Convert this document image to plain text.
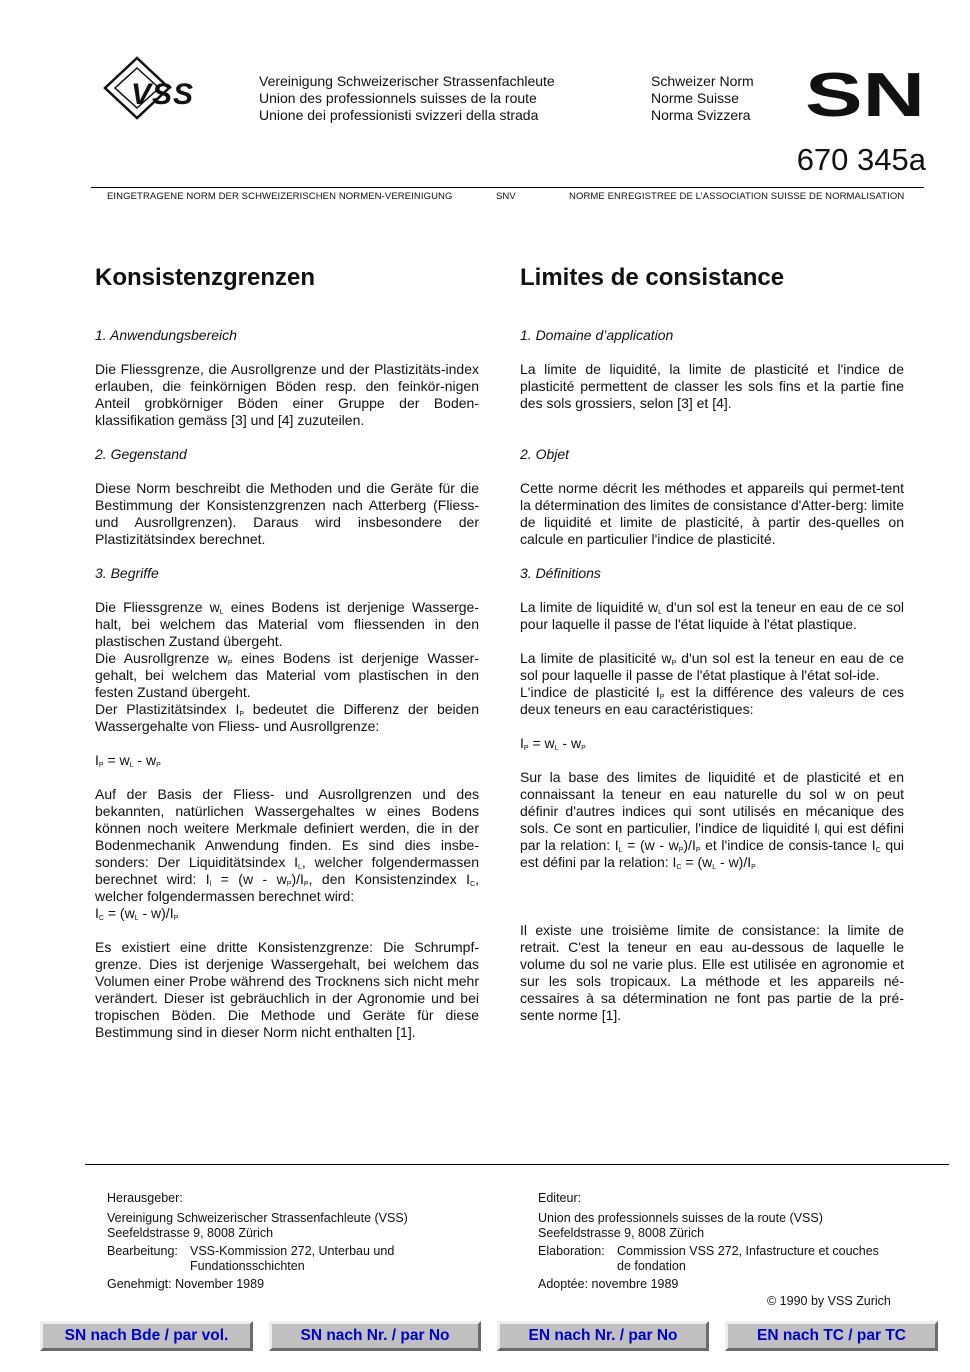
VSS	Vereinigung Schweizerischer Strassenfachleute
Union des professionnels suisses de la route
Unione dei professionisti svizzeri della strada
Schweizer Norm
Norme Suisse
Norma Svizzera SN
670 345a
EINGETRAGENE NORM DER SCHWEIZERISCHEN NORMEN-VEREINIGUNG	SNV	NORME ENREGISTREE DE L’ASSOCIATION SUISSE DE NORMALISATION
Konsistenzgrenzen	Limites de consistance

1. Anwendungsbereich

Die Fliessgrenze, die Ausrollgrenze und der Plastizitäts-index erlauben, die feinkörnigen Böden resp. den feinkör-nigen Anteil grobkörniger Böden einer Gruppe der Boden-klassifikation gemäss [3] und [4] zuzuteilen.

2. Gegenstand

Diese Norm beschreibt die Methoden und die Geräte für die Bestimmung der Konsistenzgrenzen nach Atterberg (Fliess- und Ausrollgrenzen). Daraus wird insbesondere der Plastizitätsindex berechnet.

3. Begriffe

Die Fliessgrenze $w_L$ eines Bodens ist derjenige Wasserge-halt, bei welchem das Material vom fliessenden in den plastischen Zustand übergeht.

Die Ausrollgrenze $w_P$ eines Bodens ist derjenige Wasser-gehalt, bei welchem das Material vom plastischen in den festen Zustand übergeht.

Der Plastizitätsindex $I_P$ bedeutet die Differenz der beiden Wassergehalte von Fliess- und Ausrollgrenze:

$I_P = w_L - w_P$

Auf der Basis der Fliess- und Ausrollgrenzen und des bekannten, natürlichen Wassergehaltes w eines Bodens können noch weitere Merkmale definiert werden, die in der Bodenmechanik Anwendung finden. Es sind dies insbe-sonders: Der Liquiditätsindex $I_L$, welcher folgendermassen berechnet wird: $I_l = (w - w_P)/I_P$, den Konsistenzindex $I_C$, welcher folgendermassen berechnet wird:

$I_C = (w_L - w)/I_P$

Es existiert eine dritte Konsistenzgrenze: Die Schrumpf-grenze. Dies ist derjenige Wassergehalt, bei welchem das Volumen einer Probe während des Trocknens sich nicht mehr verändert. Dieser ist gebräuchlich in der Agronomie und bei tropischen Böden. Die Methode und Geräte für diese Bestimmung sind in dieser Norm nicht enthalten [1].

1. Domaine d’application

La limite de liquidité, la limite de plasticité et l'indice de plasticité permettent de classer les sols fins et la partie fine des sols grossiers, selon [3] et [4].

2. Objet

Cette norme décrit les méthodes et appareils qui permet-tent la détermination des limites de consistance d'Atter-berg: limite de liquidité et limite de plasticité, à partir des-quelles on calcule en particulier l'indice de plasticité.

3. Définitions

La limite de liquidité $w_L$ d'un sol est la teneur en eau de ce sol pour laquelle il passe de l'état liquide à l'état plastique.

La limite de plasiticité $w_P$ d'un sol est la teneur en eau de ce sol pour laquelle il passe de l'état plastique à l'état sol-ide.

L'indice de plasticité $I_P$ est la différence des valeurs de ces deux teneurs en eau caractéristiques:

$I_P = w_L - w_P$

Sur la base des limites de liquidité et de plasticité et en connaissant la teneur en eau naturelle du sol w on peut définir d'autres indices qui sont utilisés en mécanique des sols. Ce sont en particulier, l'indice de liquidité $I_l$ qui est défini par la relation: $I_L = (w - w_P)/I_P$ et l'indice de consis-tance $I_C$ qui est défini par la relation: $I_C = (w_L - w)/I_P$

Il existe une troisième limite de consistance: la limite de retrait. C'est la teneur en eau au-dessous de laquelle le volume du sol ne varie plus. Elle est utilisée en agronomie et sur les sols tropicaux. La méthode et les appareils né-cessaires à sa détermination ne font pas partie de la pré-sente norme [1].

Herausgeber:
Vereinigung Schweizerischer Strassenfachleute (VSS)
Seefeldstrasse 9, 8008 Zürich
Bearbeitung: VSS-Kommission 272, Unterbau und
Fundationsschichten
Genehmigt: November 1989
Editeur:
Union des professionnels suisses de la route (VSS)
Seefeldstrasse 9, 8008 Zürich
Elaboration: Commission VSS 272, Infastructure et couches
de fondation
Adoptée: novembre 1989
© 1990 by VSS Zurich
SN nach Bde / par vol.	SN nach Nr. / par No	EN nach Nr. / par No	EN nach TC / par TC
